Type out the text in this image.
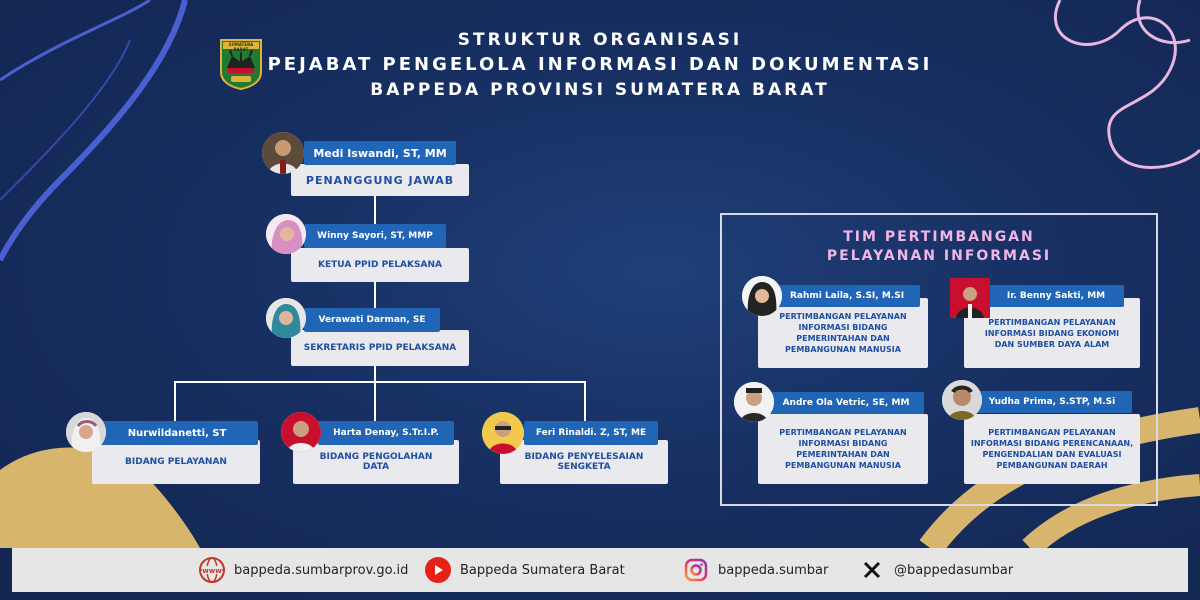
SUMATERA BARAT	STRUKTUR ORGANISASI
PEJABAT PENGELOLA INFORMASI DAN DOKUMENTASI
BAPPEDA PROVINSI SUMATERA BARAT
PENANGGUNG JAWAB
Medi Iswandi, ST, MM
KETUA PPID PELAKSANA
Winny Sayori, ST, MMP
SEKRETARIS PPID PELAKSANA
Verawati Darman, SE
BIDANG PELAYANAN
Nurwildanetti, ST
BIDANG PENGOLAHAN
DATA
Harta Denay, S.Tr.I.P.
BIDANG PENYELESAIAN
SENGKETA
Feri Rinaldi. Z, ST, ME
TIM PERTIMBANGAN
PELAYANAN INFORMASI
PERTIMBANGAN PELAYANAN
INFORMASI BIDANG
PEMERINTAHAN DAN
PEMBANGUNAN MANUSIA
Rahmi Laila, S.SI, M.SI
PERTIMBANGAN PELAYANAN
INFORMASI BIDANG EKONOMI
DAN SUMBER DAYA ALAM
Ir. Benny Sakti, MM
PERTIMBANGAN PELAYANAN
INFORMASI BIDANG
PEMERINTAHAN DAN
PEMBANGUNAN MANUSIA
Andre Ola Vetric, SE, MM
PERTIMBANGAN PELAYANAN
INFORMASI BIDANG PERENCANAAN,
PENGENDALIAN DAN EVALUASI
PEMBANGUNAN DAERAH
Yudha Prima, S.STP, M.Si
www bappeda.sumbarprov.go.id	Bappeda Sumatera Barat	bappeda.sumbar	@bappedasumbar
